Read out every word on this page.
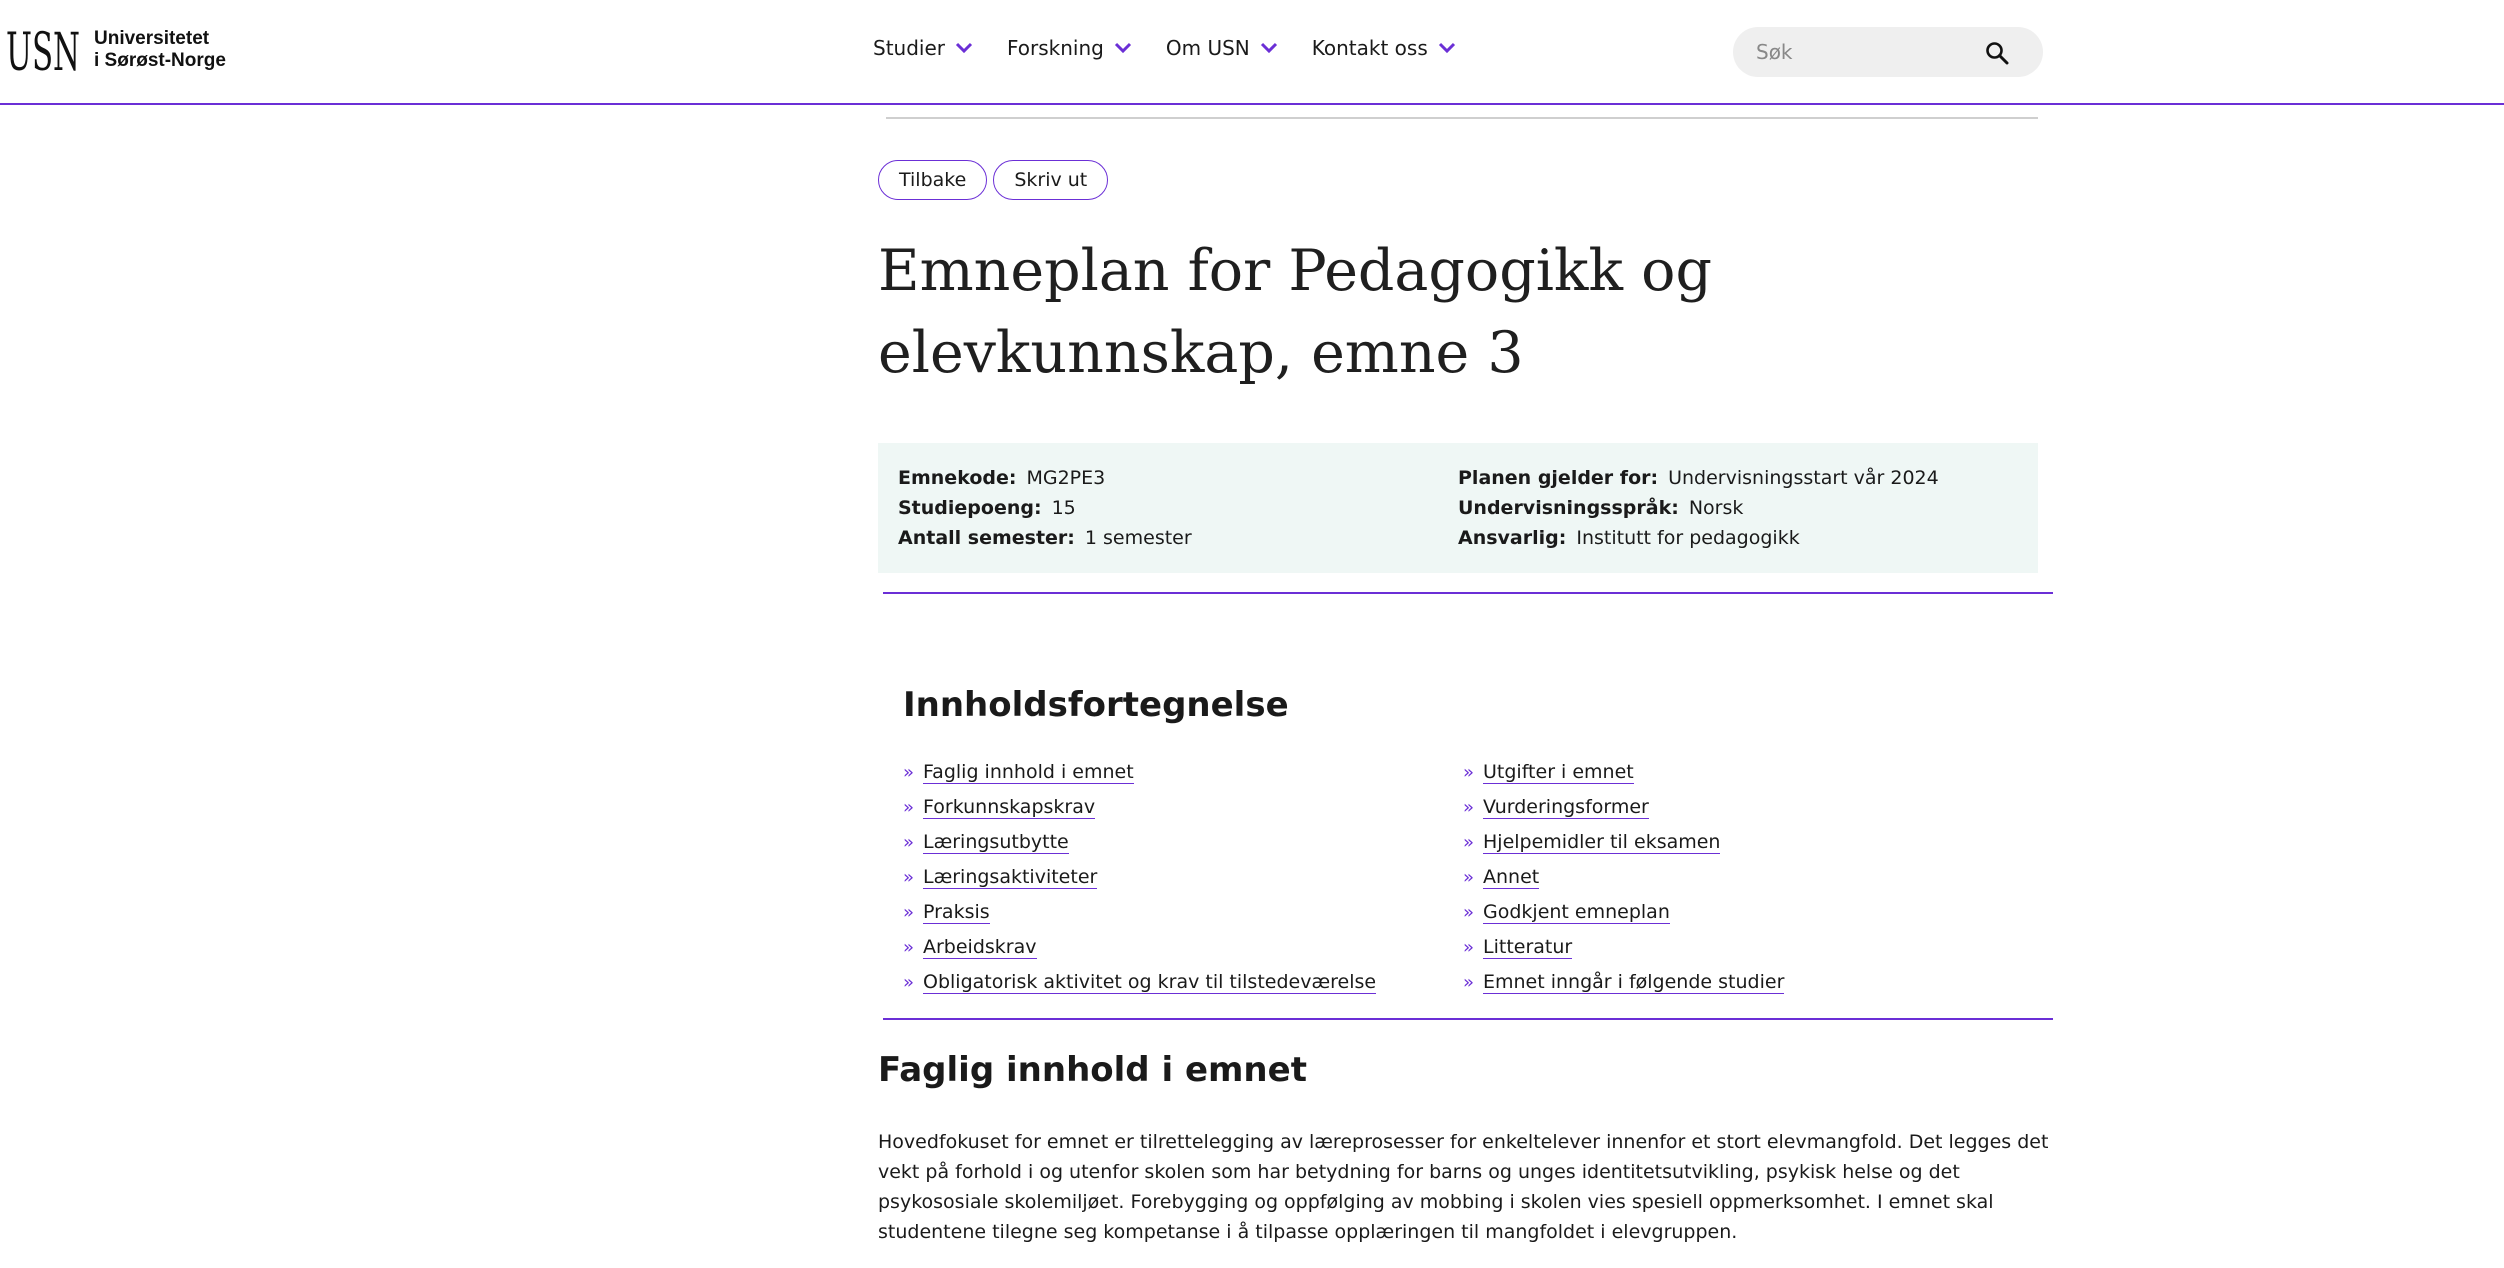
USN Universitetet
i Sørøst-Norge
Studier	Forskning	Om USN	Kontakt oss
Søk
Tilbake	Skriv ut
Emneplan for Pedagogikk og elevkunnskap, emne 3
Emnekode: MG2PE3
Studiepoeng: 15
Antall semester: 1 semester
Planen gjelder for: Undervisningsstart vår 2024
Undervisningsspråk: Norsk
Ansvarlig: Institutt for pedagogikk
Innholdsfortegnelse
» Faglig innhold i emnet
» Forkunnskapskrav
» Læringsutbytte
» Læringsaktiviteter
» Praksis
» Arbeidskrav
» Obligatorisk aktivitet og krav til tilstedeværelse
» Utgifter i emnet
» Vurderingsformer
» Hjelpemidler til eksamen
» Annet
» Godkjent emneplan
» Litteratur
» Emnet inngår i følgende studier
Faglig innhold i emnet

Hovedfokuset for emnet er tilrettelegging av læreprosesser for enkeltelever innenfor et stort elevmangfold. Det legges det vekt på forhold i og utenfor skolen som har betydning for barns og unges identitetsutvikling, psykisk helse og det psykososiale skolemiljøet. Forebygging og oppfølging av mobbing i skolen vies spesiell oppmerksomhet. I emnet skal studentene tilegne seg kompetanse i å tilpasse opplæringen til mangfoldet i elevgruppen.
